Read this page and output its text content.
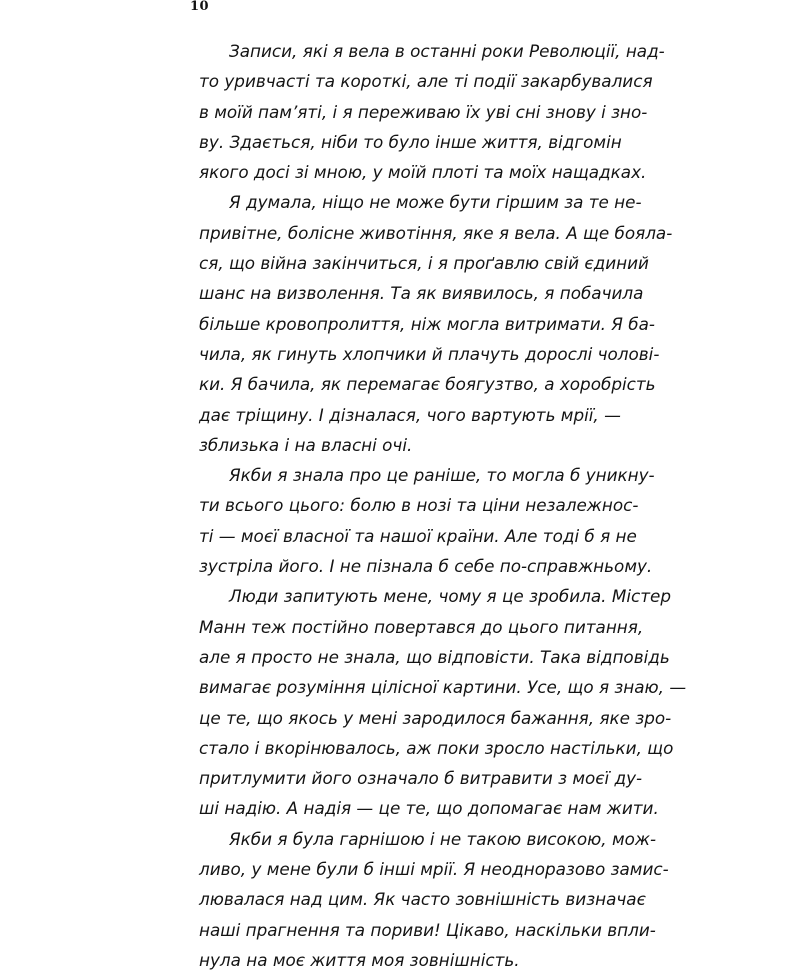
10
Записи, які я вела в останні роки Революції, над-
то уривчасті та короткі, але ті події закарбувалися
в моїй пам’яті, і я переживаю їх уві сні знову і зно-
ву. Здається, ніби то було інше життя, відгомін
якого досі зі мною, у моїй плоті та моїх нащадках.
Я думала, ніщо не може бути гіршим за те не-
привітне, болісне животіння, яке я вела. А ще бояла-
ся, що війна закінчиться, і я проґавлю свій єдиний
шанс на визволення. Та як виявилось, я побачила
більше кровопролиття, ніж могла витримати. Я ба-
чила, як гинуть хлопчики й плачуть дорослі чолові-
ки. Я бачила, як перемагає боягузтво, а хоробрість
дає тріщину. І дізналася, чого вартують мрії, —
зблизька і на власні очі.
Якби я знала про це раніше, то могла б уникну-
ти всього цього: болю в нозі та ціни незалежнос-
ті — моєї власної та нашої країни. Але тоді б я не
зустріла його. І не пізнала б себе по-справжньому.
Люди запитують мене, чому я це зробила. Містер
Манн теж постійно повертався до цього питання,
але я просто не знала, що відповісти. Така відповідь
вимагає розуміння цілісної картини. Усе, що я знаю, —
це те, що якось у мені зародилося бажання, яке зро-
стало і вкорінювалось, аж поки зросло настільки, що
притлумити його означало б витравити з моєї ду-
ші надію. А надія — це те, що допомагає нам жити.
Якби я була гарнішою і не такою високою, мож-
ливо, у мене були б інші мрії. Я неодноразово замис-
лювалася над цим. Як часто зовнішність визначає
наші прагнення та пориви! Цікаво, наскільки впли-
нула на моє життя моя зовнішність.
